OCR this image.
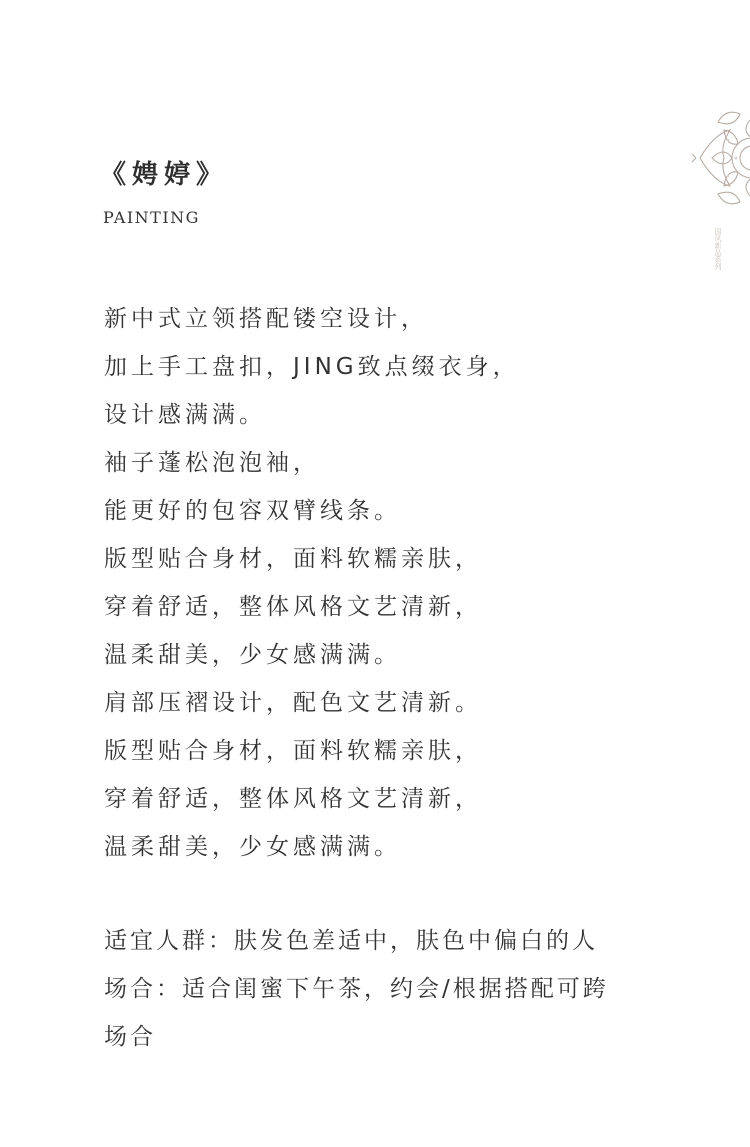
《娉婷》
PAINTING
新中式立领搭配镂空设计，
加上手工盘扣，JING致点缀衣身，
设计感满满。
袖子蓬松泡泡袖，
能更好的包容双臂线条。
版型贴合身材，面料软糯亲肤，
穿着舒适，整体风格文艺清新，
温柔甜美，少女感满满。
肩部压褶设计，配色文艺清新。
版型贴合身材，面料软糯亲肤，
穿着舒适，整体风格文艺清新，
温柔甜美，少女感满满。
适宜人群：肤发色差适中，肤色中偏白的人
场合：适合闺蜜下午茶，约会/根据搭配可跨
场合
国风新品系列
